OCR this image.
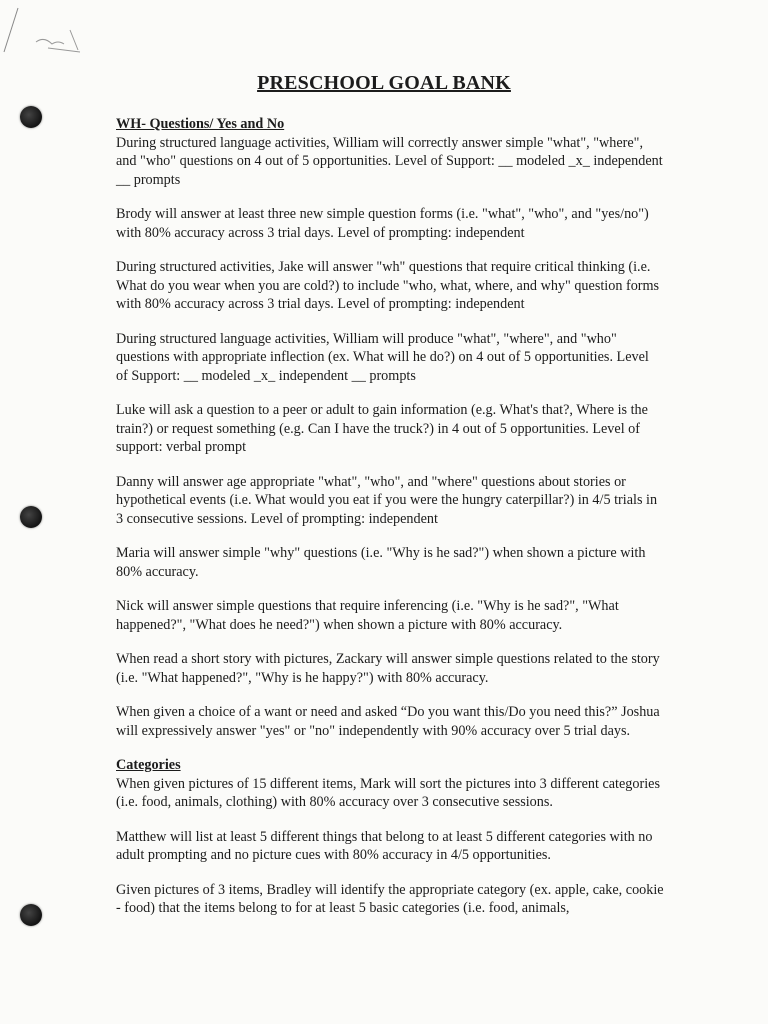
PRESCHOOL GOAL BANK
WH- Questions/ Yes and No

During structured language activities, William will correctly answer simple "what", "where", and "who" questions on 4 out of 5 opportunities. Level of Support: __ modeled _x_ independent __ prompts

Brody will answer at least three new simple question forms (i.e. "what", "who", and "yes/no") with 80% accuracy across 3 trial days. Level of prompting: independent

During structured activities, Jake will answer "wh" questions that require critical thinking (i.e. What do you wear when you are cold?) to include "who, what, where, and why" question forms with 80% accuracy across 3 trial days. Level of prompting: independent

During structured language activities, William will produce "what", "where", and "who" questions with appropriate inflection (ex. What will he do?) on 4 out of 5 opportunities. Level of Support: __ modeled _x_ independent __ prompts

Luke will ask a question to a peer or adult to gain information (e.g. What's that?, Where is the train?) or request something (e.g. Can I have the truck?) in 4 out of 5 opportunities. Level of support: verbal prompt

Danny will answer age appropriate "what", "who", and "where" questions about stories or hypothetical events (i.e. What would you eat if you were the hungry caterpillar?) in 4/5 trials in 3 consecutive sessions. Level of prompting: independent

Maria will answer simple "why" questions (i.e. "Why is he sad?") when shown a picture with 80% accuracy.

Nick will answer simple questions that require inferencing (i.e. "Why is he sad?", "What happened?", "What does he need?") when shown a picture with 80% accuracy.

When read a short story with pictures, Zackary will answer simple questions related to the story (i.e. "What happened?", "Why is he happy?") with 80% accuracy.

When given a choice of a want or need and asked “Do you want this/Do you need this?” Joshua will expressively answer "yes" or "no" independently with 90% accuracy over 5 trial days.

Categories

When given pictures of 15 different items, Mark will sort the pictures into 3 different categories (i.e. food, animals, clothing) with 80% accuracy over 3 consecutive sessions.

Matthew will list at least 5 different things that belong to at least 5 different categories with no adult prompting and no picture cues with 80% accuracy in 4/5 opportunities.

Given pictures of 3 items, Bradley will identify the appropriate category (ex. apple, cake, cookie - food) that the items belong to for at least 5 basic categories (i.e. food, animals,
